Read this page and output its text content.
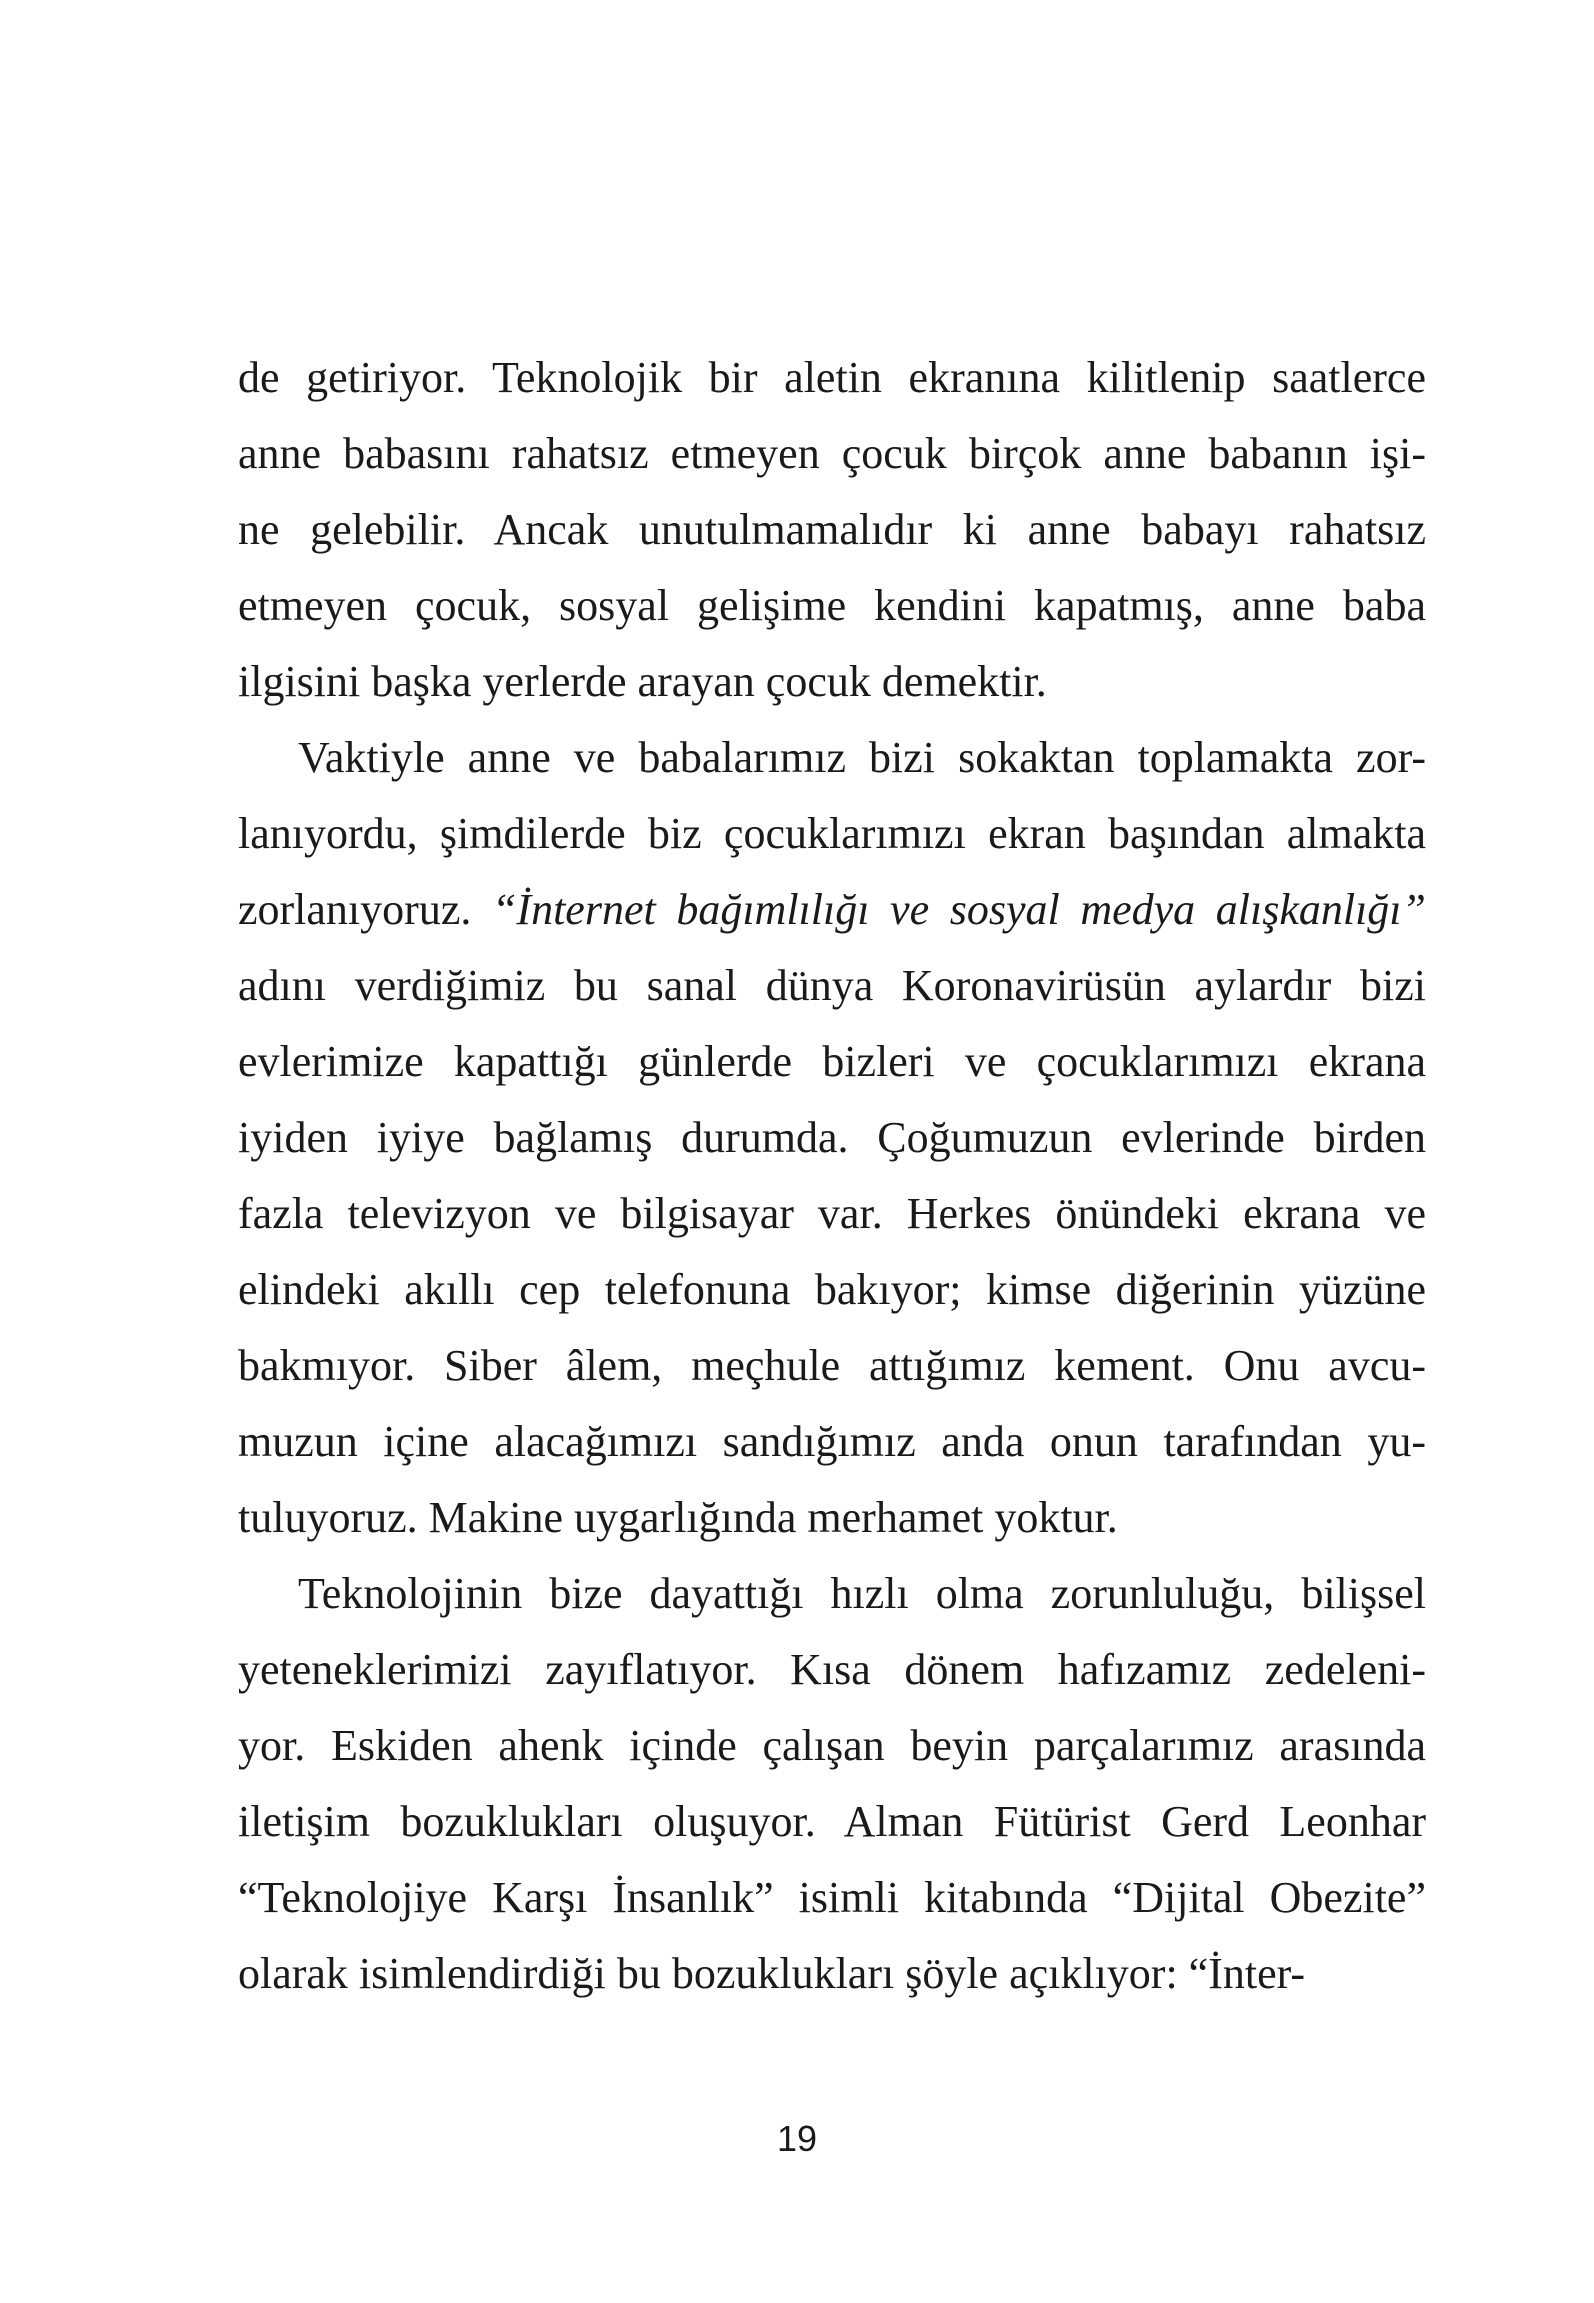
de getiriyor. Teknolojik bir aletin ekranına kilitlenip saatlerce
anne babasını rahatsız etmeyen çocuk birçok anne babanın işi-
ne gelebilir. Ancak unutulmamalıdır ki anne babayı rahatsız
etmeyen çocuk, sosyal gelişime kendini kapatmış, anne baba
ilgisini başka yerlerde arayan çocuk demektir.
Vaktiyle anne ve babalarımız bizi sokaktan toplamakta zor-
lanıyordu, şimdilerde biz çocuklarımızı ekran başından almakta
zorlanıyoruz. “İnternet bağımlılığı ve sosyal medya alışkanlığı”
adını verdiğimiz bu sanal dünya Koronavirüsün aylardır bizi
evlerimize kapattığı günlerde bizleri ve çocuklarımızı ekrana
iyiden iyiye bağlamış durumda. Çoğumuzun evlerinde birden
fazla televizyon ve bilgisayar var. Herkes önündeki ekrana ve
elindeki akıllı cep telefonuna bakıyor; kimse diğerinin yüzüne
bakmıyor. Siber âlem, meçhule attığımız kement. Onu avcu-
muzun içine alacağımızı sandığımız anda onun tarafından yu-
tuluyoruz. Makine uygarlığında merhamet yoktur.
Teknolojinin bize dayattığı hızlı olma zorunluluğu, bilişsel
yeteneklerimizi zayıflatıyor. Kısa dönem hafızamız zedeleni-
yor. Eskiden ahenk içinde çalışan beyin parçalarımız arasında
iletişim bozuklukları oluşuyor. Alman Fütürist Gerd Leonhar
“Teknolojiye Karşı İnsanlık” isimli kitabında “Dijital Obezite”
olarak isimlendirdiği bu bozuklukları şöyle açıklıyor: “İnter-
19
